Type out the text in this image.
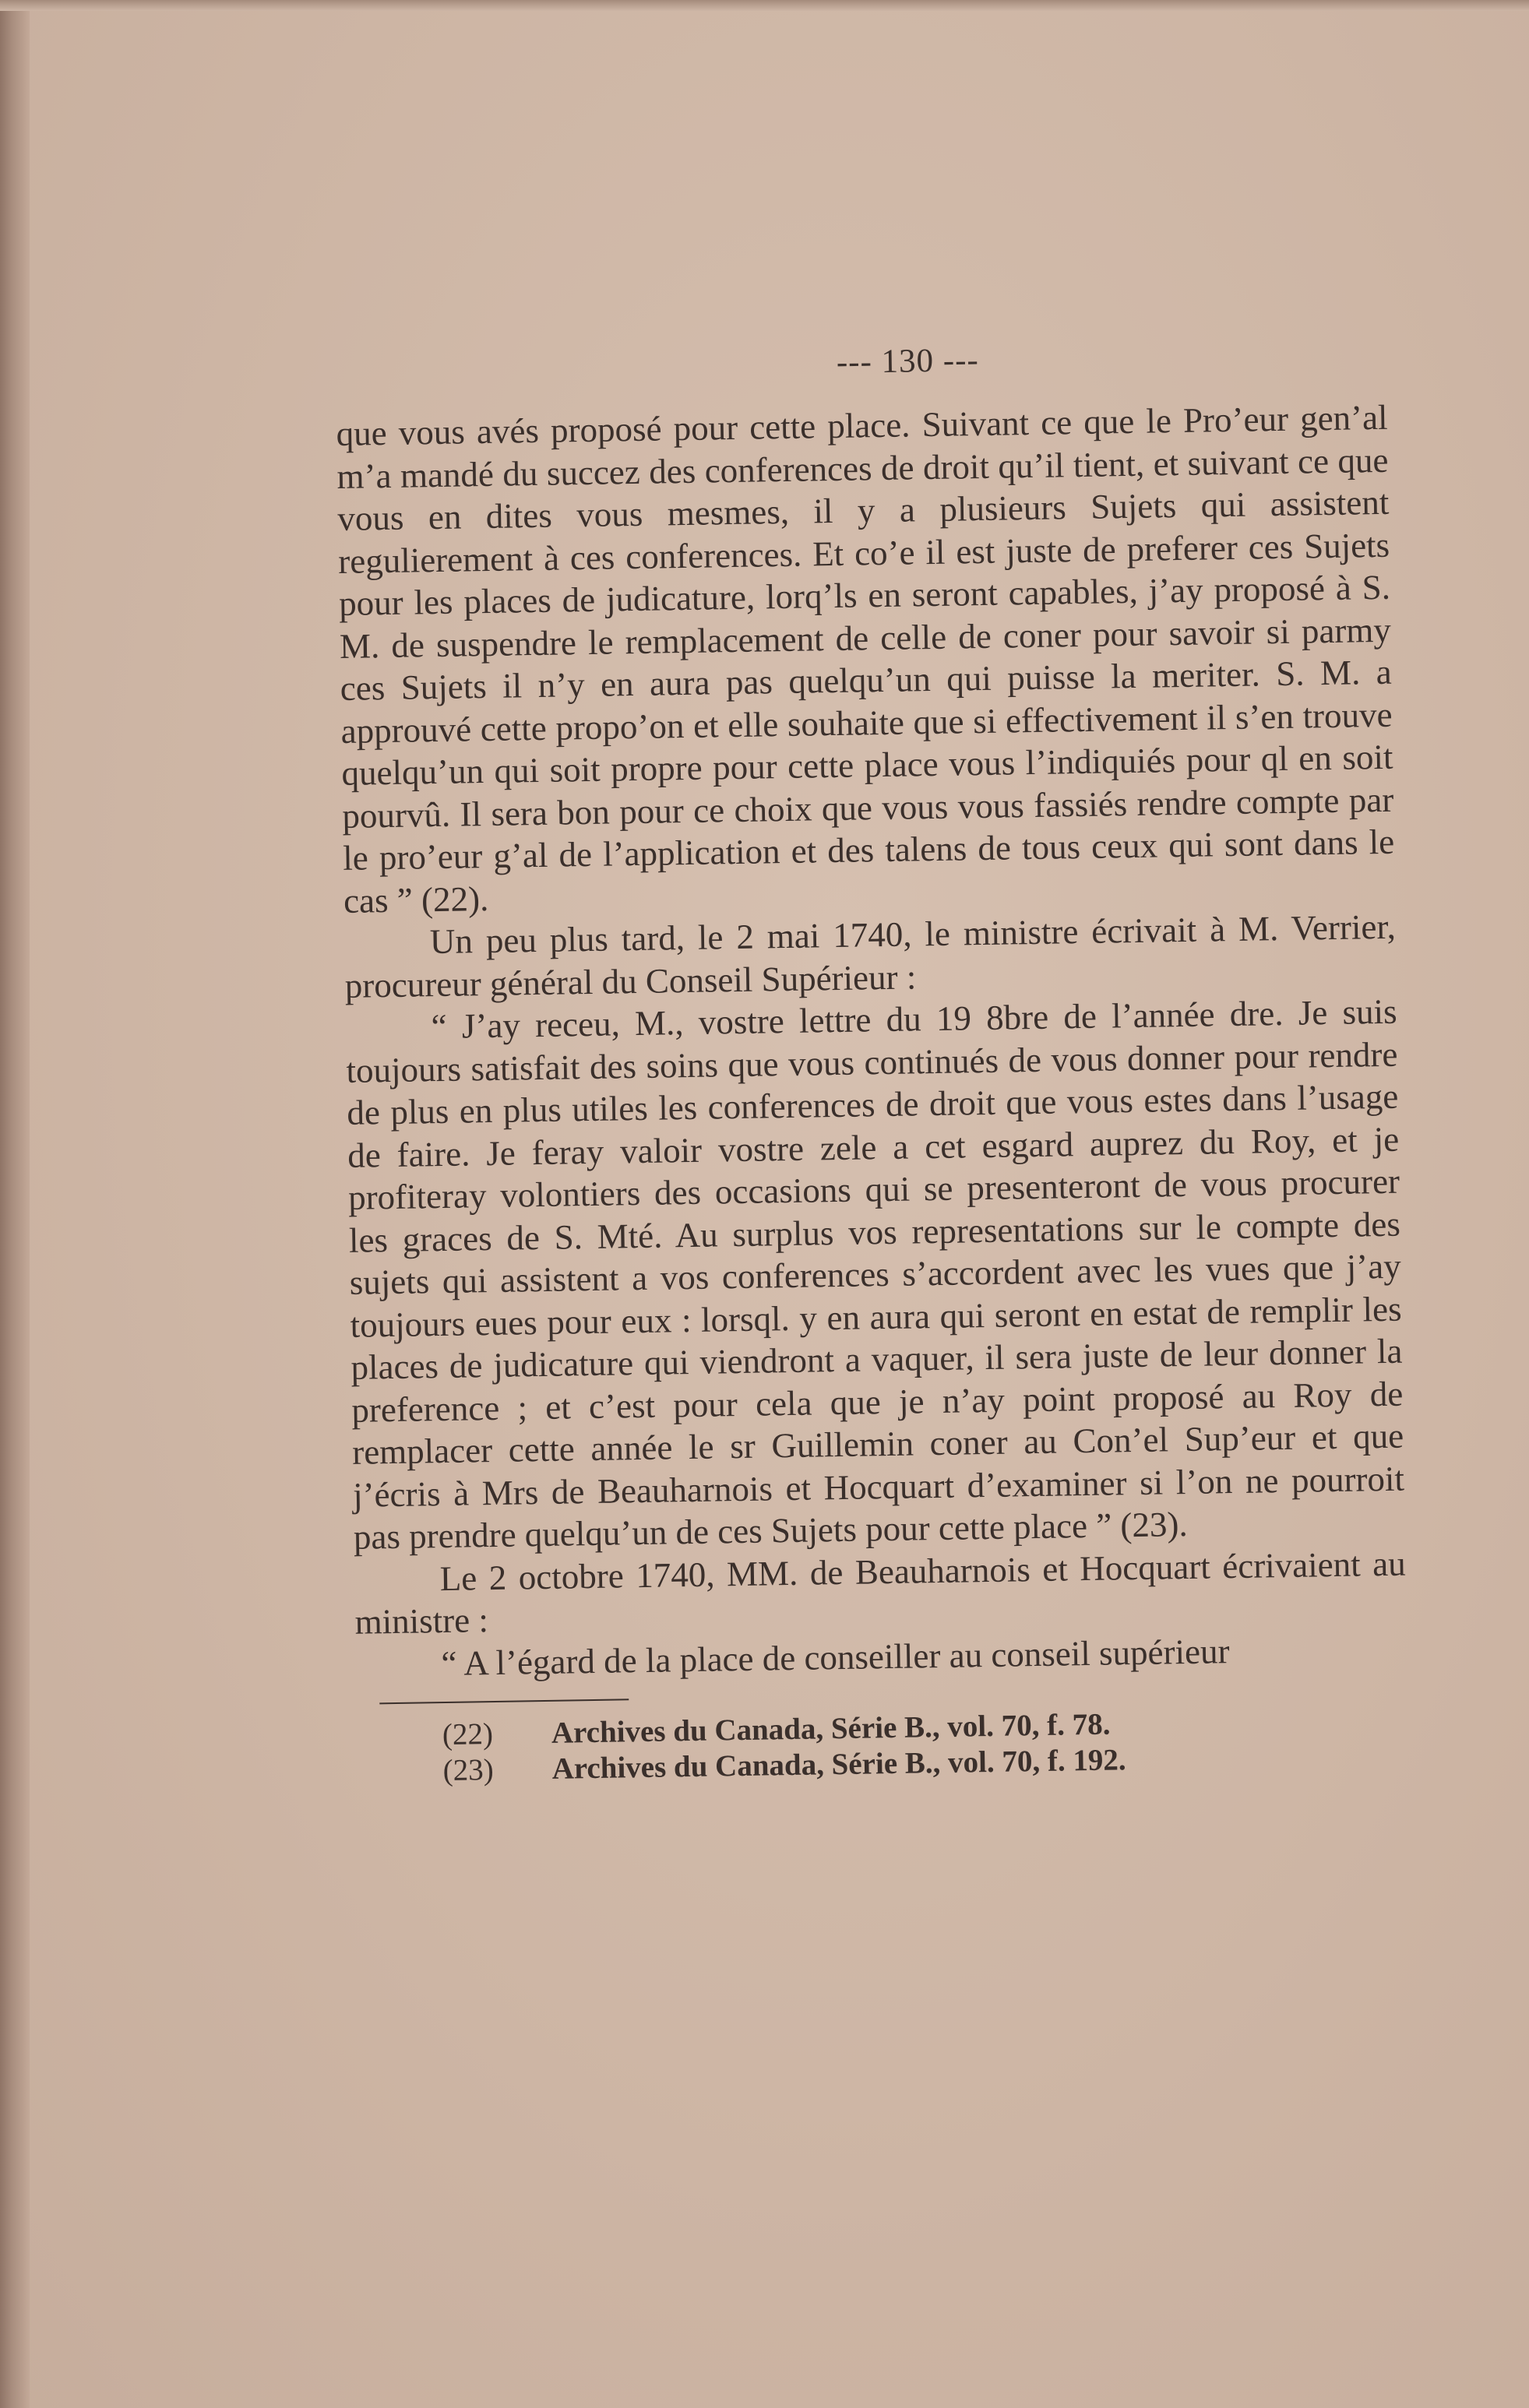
--- 130 ---

que vous avés proposé pour cette place. Suivant ce que le Pro’eur gen’al m’a mandé du succez des conferences de droit qu’il tient, et suivant ce que vous en dites vous mesmes, il y a plusieurs Sujets qui assistent regulierement à ces conferences. Et co’e il est juste de preferer ces Sujets pour les places de judicature, lorq’ls en seront capables, j’ay proposé à S. M. de suspendre le remplacement de celle de coner pour savoir si parmy ces Sujets il n’y en aura pas quelqu’un qui puisse la meriter. S. M. a approuvé cette propo’on et elle souhaite que si effectivement il s’en trouve quelqu’un qui soit propre pour cette place vous l’indiquiés pour ql en soit pourvû. Il sera bon pour ce choix que vous vous fassiés rendre compte par le pro’eur g’al de l’application et des talens de tous ceux qui sont dans le cas ” (22).

Un peu plus tard, le 2 mai 1740, le ministre écrivait à M. Verrier, procureur général du Conseil Supérieur :

“ J’ay receu, M., vostre lettre du 19 8bre de l’année dre. Je suis toujours satisfait des soins que vous continués de vous donner pour rendre de plus en plus utiles les conferences de droit que vous estes dans l’usage de faire. Je feray valoir vostre zele a cet esgard auprez du Roy, et je profiteray volontiers des occasions qui se presenteront de vous procurer les graces de S. Mté. Au surplus vos representations sur le compte des sujets qui assistent a vos conferences s’accordent avec les vues que j’ay toujours eues pour eux : lorsql. y en aura qui seront en estat de remplir les places de judicature qui viendront a vaquer, il sera juste de leur donner la preference ; et c’est pour cela que je n’ay point proposé au Roy de remplacer cette année le sr Guillemin coner au Con’el Sup’eur et que j’écris à Mrs de Beauharnois et Hocquart d’examiner si l’on ne pourroit pas prendre quelqu’un de ces Sujets pour cette place ” (23).

Le 2 octobre 1740, MM. de Beauharnois et Hocquart écrivaient au ministre :

“ A l’égard de la place de conseiller au conseil supérieur

(22) Archives du Canada, Série B., vol. 70, f. 78.
(23) Archives du Canada, Série B., vol. 70, f. 192.
